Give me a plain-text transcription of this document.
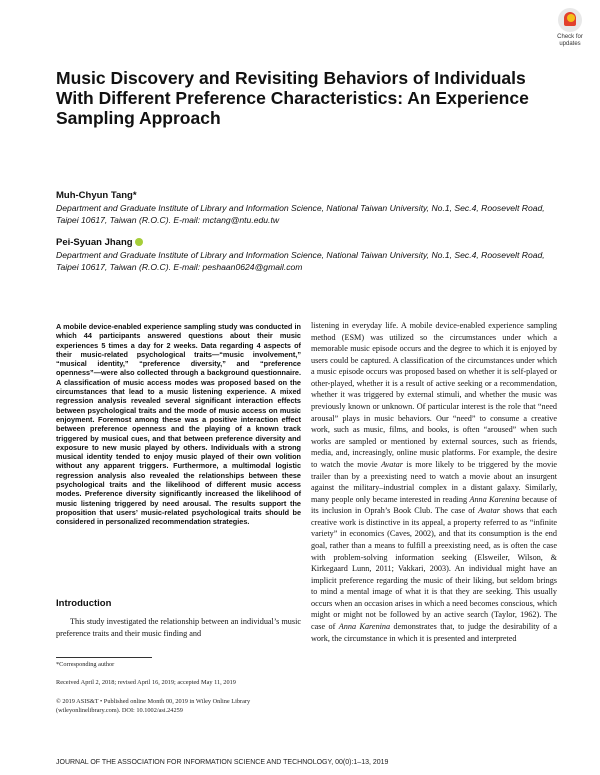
Check for
updates
Music Discovery and Revisiting Behaviors of Individuals With Different Preference Characteristics: An Experience Sampling Approach
Muh-Chyun Tang*
Department and Graduate Institute of Library and Information Science, National Taiwan University, No.1, Sec.4, Roosevelt Road, Taipei 10617, Taiwan (R.O.C). E-mail: mctang@ntu.edu.tw
Pei-Syuan Jhang
Department and Graduate Institute of Library and Information Science, National Taiwan University, No.1, Sec.4, Roosevelt Road, Taipei 10617, Taiwan (R.O.C). E-mail: peshaan0624@gmail.com
A mobile device-enabled experience sampling study was conducted in which 44 participants answered questions about their music experiences 5 times a day for 2 weeks. Data regarding 4 aspects of their music-related psychological traits—“music involvement,” “musical identity,” “preference diversity,” and “preference openness”—were also collected through a background questionnaire. A classification of music access modes was proposed based on the circumstances that lead to a music listening experience. A mixed regression analysis revealed several significant interaction effects between psychological traits and the mode of music access on music enjoyment. Foremost among these was a positive interaction effect between preference openness and the playing of a known track triggered by musical cues, and that between preference diversity and exposure to new music played by others. Individuals with a strong musical identity tended to enjoy music played of their own volition without any apparent triggers. Furthermore, a multimodal logistic regression analysis also revealed the relationships between these psychological traits and the likelihood of different music access modes. Preference diversity significantly increased the likelihood of music listening triggered by need arousal. The results support the proposition that users’ music-related psychological traits should be considered in personalized recommendation strategies.
Introduction
This study investigated the relationship between an individual’s music preference traits and their music finding and
*Corresponding author
Received April 2, 2018; revised April 16, 2019; accepted May 11, 2019
© 2019 ASIS&T • Published online Month 00, 2019 in Wiley Online Library (wileyonlinelibrary.com). DOI: 10.1002/asi.24259
listening in everyday life. A mobile device-enabled experience sampling method (ESM) was utilized so the circumstances under which a memorable music episode occurs and the degree to which it is enjoyed by users could be captured. A classification of the circumstances under which a music episode occurs was proposed based on whether it is self-played or other-played, whether it is a result of active seeking or a recommendation, whether it was triggered by external stimuli, and whether the music was previously known or unknown. Of particular interest is the role that “need arousal” plays in music behaviors. Our “need” to consume a creative work, such as music, films, and books, is often “aroused” when such works are sampled or mentioned by external sources, such as friends, media, and, increasingly, online music platforms. For example, the desire to watch the movie Avatar is more likely to be triggered by the movie trailer than by a preexisting need to watch a movie about an insurgent against the military–industrial complex in a distant galaxy. Similarly, many people only became interested in reading Anna Karenina because of its inclusion in Oprah’s Book Club. The case of Avatar shows that each creative work is distinctive in its appeal, a property referred to as “infinite variety” in economics (Caves, 2002), and that its consumption is the end goal, rather than a means to fulfill a preexisting need, as is often the case with problem-solving information seeking (Elsweiler, Wilson, & Kirkegaard Lunn, 2011; Vakkari, 2003). An individual might have an implicit preference regarding the music of their liking, but seldom brings to mind a mental image of what it is that they are seeking. This usually occurs when an occasion arises in which a need becomes conscious, which might or might not be followed by an active search (Taylor, 1962). The case of Anna Karenina demonstrates that, to judge the desirability of a work, the circumstance in which it is presented and interpreted
JOURNAL OF THE ASSOCIATION FOR INFORMATION SCIENCE AND TECHNOLOGY, 00(0):1–13, 2019
